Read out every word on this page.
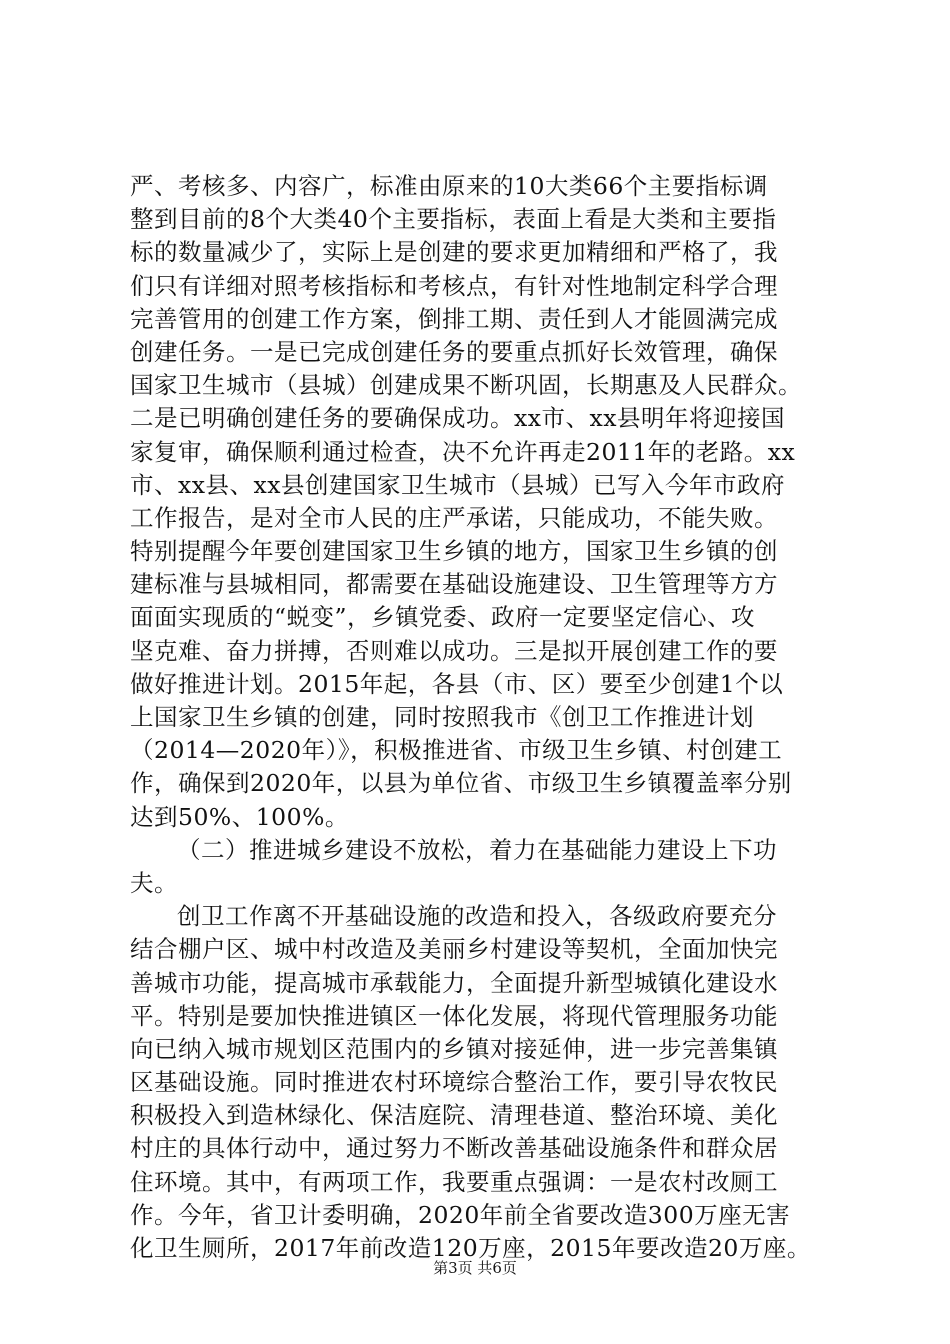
严、考核多、内容广，标准由原来的10大类66个主要指标调
整到目前的8个大类40个主要指标，表面上看是大类和主要指
标的数量减少了，实际上是创建的要求更加精细和严格了，我
们只有详细对照考核指标和考核点，有针对性地制定科学合理
完善管用的创建工作方案，倒排工期、责任到人才能圆满完成
创建任务。一是已完成创建任务的要重点抓好长效管理，确保
国家卫生城市（县城）创建成果不断巩固，长期惠及人民群众。
二是已明确创建任务的要确保成功。xx市、xx县明年将迎接国
家复审，确保顺利通过检查，决不允许再走2011年的老路。xx
市、xx县、xx县创建国家卫生城市（县城）已写入今年市政府
工作报告，是对全市人民的庄严承诺，只能成功，不能失败。
特别提醒今年要创建国家卫生乡镇的地方，国家卫生乡镇的创
建标准与县城相同，都需要在基础设施建设、卫生管理等方方
面面实现质的“蜕变”，乡镇党委、政府一定要坚定信心、攻
坚克难、奋力拼搏，否则难以成功。三是拟开展创建工作的要
做好推进计划。2015年起，各县（市、区）要至少创建1个以
上国家卫生乡镇的创建，同时按照我市《创卫工作推进计划
（2014—2020年）》，积极推进省、市级卫生乡镇、村创建工
作，确保到2020年，以县为单位省、市级卫生乡镇覆盖率分别
达到50%、100%。
（二）推进城乡建设不放松，着力在基础能力建设上下功
夫。
创卫工作离不开基础设施的改造和投入，各级政府要充分
结合棚户区、城中村改造及美丽乡村建设等契机，全面加快完
善城市功能，提高城市承载能力，全面提升新型城镇化建设水
平。特别是要加快推进镇区一体化发展，将现代管理服务功能
向已纳入城市规划区范围内的乡镇对接延伸，进一步完善集镇
区基础设施。同时推进农村环境综合整治工作，要引导农牧民
积极投入到造林绿化、保洁庭院、清理巷道、整治环境、美化
村庄的具体行动中，通过努力不断改善基础设施条件和群众居
住环境。其中，有两项工作，我要重点强调：一是农村改厕工
作。今年，省卫计委明确，2020年前全省要改造300万座无害
化卫生厕所，2017年前改造120万座，2015年要改造20万座。
第3页 共6页
